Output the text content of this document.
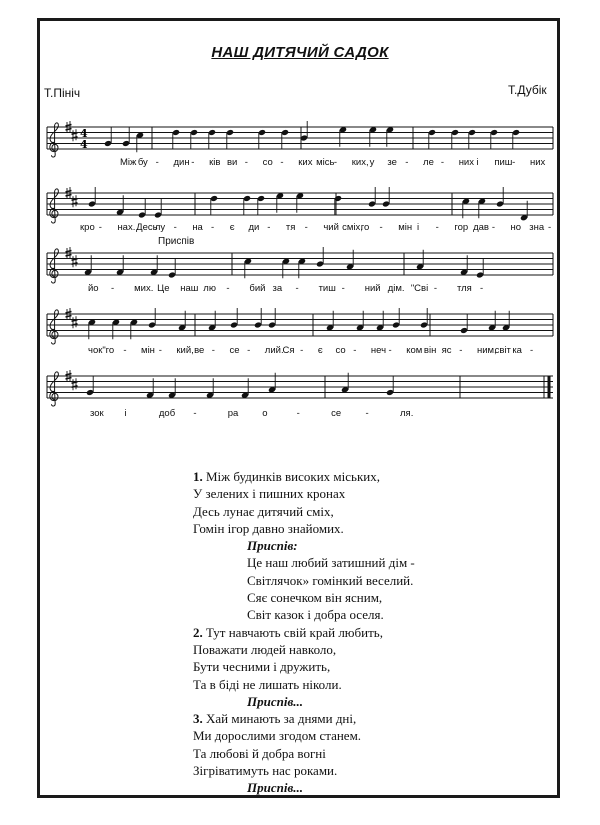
НАШ ДИТЯЧИЙ САДОК
Т.Пініч	Т.Дубік
4
4
Між бу - дин - ків ви - со - ких місь - ких, у зе - ле - них і пиш - них
кро - нах. Десь
лу - на - є ди - тя - чий сміх,
го - мін і - гор дав - но зна -
йо - мих. Це наш лю - бий за - тиш - ний дім. "Сві - тля -
чок" го - мін - кий, ве - се - лий.
Ся - є со - неч - ком він яс - ним,
світ ка -
зок і	доб -	ра	о	-	се	-	ля.
Приспів
1. Між будинків високих міських,
У зелених і пишних кронах
Десь лунає дитячий сміх,
Гомін ігор давно знайомих.
Приспів:
Це наш любий затишний дім -
Світлячок» гомінкий веселий.
Сяє сонечком він ясним,
Світ казок і добра оселя.
2. Тут навчають свій край любить,
Поважати людей навколо,
Бути чесними і дружить,
Та в біді не лишать ніколи.
Приспів...
3. Хай минають за днями дні,
Ми дорослими згодом станем.
Та любові й добра вогні
Зігріватимуть нас роками.
Приспів...
